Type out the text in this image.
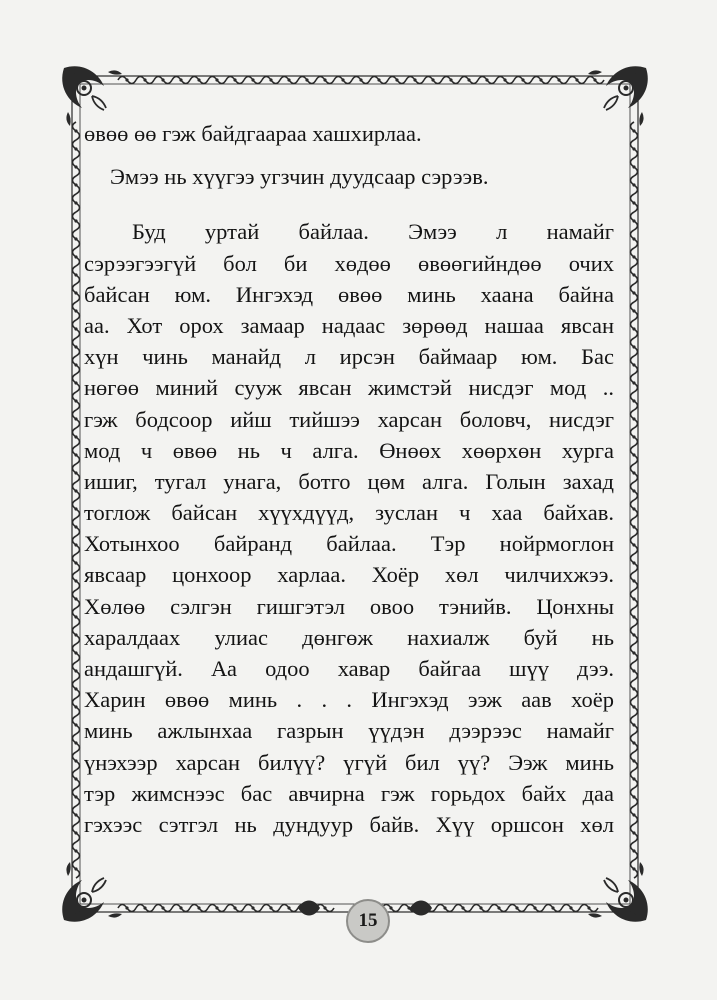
өвөө өө гэж байдгаараа хашхирлаа.
Эмээ нь хүүгээ угзчин дуудсаар сэрээв.
Буд уртай байлаа. Эмээ л намайг
сэрээгээгүй бол би хөдөө өвөөгийндөө очих
байсан юм. Ингэхэд өвөө минь хаана байна
аа. Хот орох замаар надаас зөрөөд нашаа явсан
хүн чинь манайд л ирсэн баймаар юм. Бас
нөгөө миний сууж явсан жимстэй нисдэг мод ..
гэж бодсоор ийш тийшээ харсан боловч, нисдэг
мод ч өвөө нь ч алга. Өнөөх хөөрхөн хурга
ишиг, тугал унага, ботго цөм алга. Голын захад
тоглож байсан хүүхдүүд, зуслан ч хаа байхав.
Хотынхоо байранд байлаа. Тэр нойрмоглон
явсаар цонхоор харлаа. Хоёр хөл чилчихжээ.
Хөлөө сэлгэн гишгэтэл овоо тэнийв. Цонхны
харалдаах улиас дөнгөж нахиалж буй нь
андашгүй. Аа одоо хавар байгаа шүү дээ.
Харин өвөө минь . . . Ингэхэд ээж аав хоёр
минь ажлынхаа газрын үүдэн дээрээс намайг
үнэхээр харсан билүү? үгүй бил үү? Ээж минь
тэр жимснээс бас авчирна гэж горьдох байх даа
гэхээс сэтгэл нь дундуур байв. Хүү оршсон хөл
15
